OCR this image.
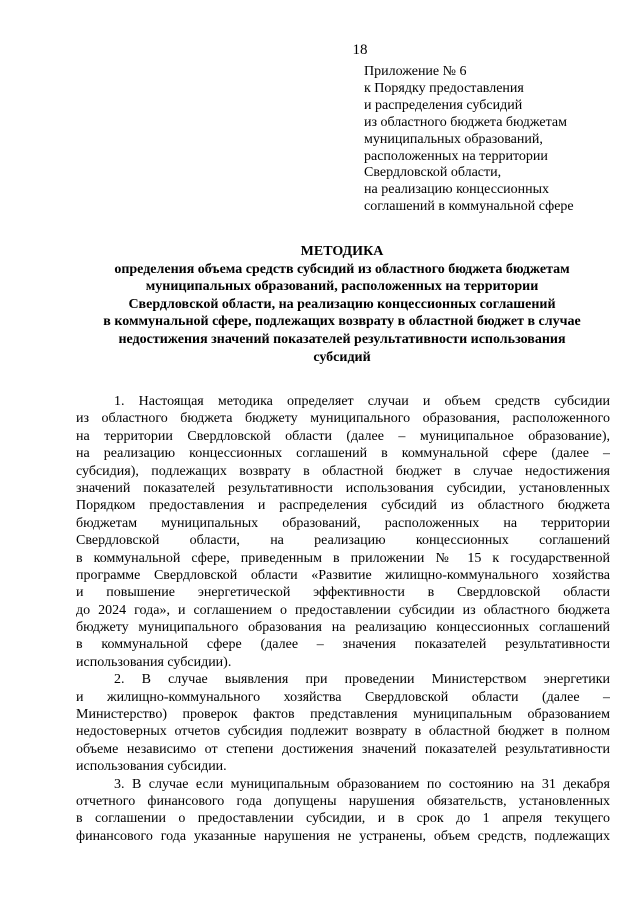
18
Приложение № 6
к Порядку предоставления
и распределения субсидий
из областного бюджета бюджетам
муниципальных образований,
расположенных на территории
Свердловской области,
на реализацию концессионных
соглашений в коммунальной сфере
МЕТОДИКА
определения объема средств субсидий из областного бюджета бюджетам
муниципальных образований, расположенных на территории
Свердловской области, на реализацию концессионных соглашений
в коммунальной сфере, подлежащих возврату в областной бюджет в случае
недостижения значений показателей результативности использования
субсидий
1. Настоящая методика определяет случаи и объем средств субсидии
из областного бюджета бюджету муниципального образования, расположенного
на территории Свердловской области (далее – муниципальное образование),
на реализацию концессионных соглашений в коммунальной сфере (далее –
субсидия), подлежащих возврату в областной бюджет в случае недостижения
значений показателей результативности использования субсидии, установленных
Порядком предоставления и распределения субсидий из областного бюджета
бюджетам муниципальных образований, расположенных на территории
Свердловской области, на реализацию концессионных соглашений
в коммунальной сфере, приведенным в приложении № 15 к государственной
программе Свердловской области «Развитие жилищно-коммунального хозяйства
и повышение энергетической эффективности в Свердловской области
до 2024 года», и соглашением о предоставлении субсидии из областного бюджета
бюджету муниципального образования на реализацию концессионных соглашений
в коммунальной сфере (далее – значения показателей результативности
использования субсидии).
2. В случае выявления при проведении Министерством энергетики
и жилищно-коммунального хозяйства Свердловской области (далее –
Министерство) проверок фактов представления муниципальным образованием
недостоверных отчетов субсидия подлежит возврату в областной бюджет в полном
объеме независимо от степени достижения значений показателей результативности
использования субсидии.
3. В случае если муниципальным образованием по состоянию на 31 декабря
отчетного финансового года допущены нарушения обязательств, установленных
в соглашении о предоставлении субсидии, и в срок до 1 апреля текущего
финансового года указанные нарушения не устранены, объем средств, подлежащих
